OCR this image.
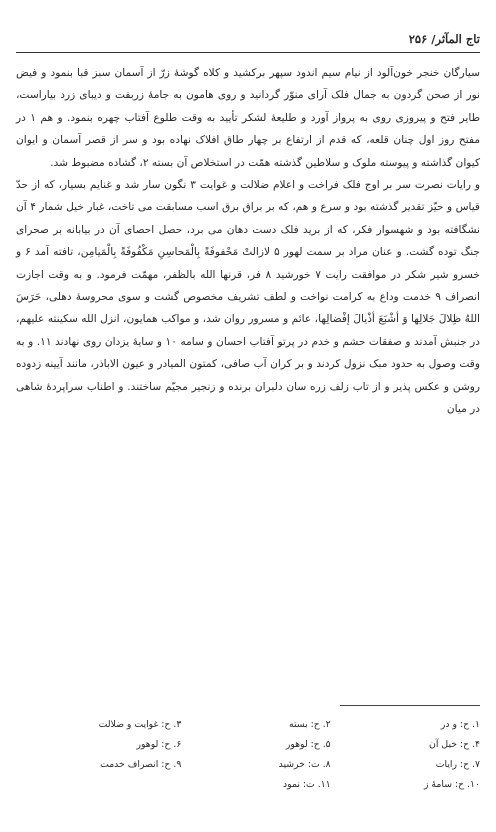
تاج المآثر/ ۲۵۶

سیارگان خنجر خون‌آلود از نیام سیم اندود سپهر برکشید و کلاه گوشهٔ زرّ از آسمان سبز قبا بنمود و فیض نور از صحن گردون به جمال فلک آرای منوّر گردانید و روی هامون به جامهٔ زربفت و دیبای زرد بیاراست، طایر فتح و پیروزی روی به پرواز آورد و طلیعهٔ لشکر تأیید به وقت طلوع آفتاب چهره بنمود. و هم ۱ در مفتح روز اول چنان قلعه، که قدم از ارتفاع بر چهار طاق افلاک نهاده بود و سر از قصر آسمان و ایوان کیوان گذاشته و پیوسته ملوک و سلاطین گذشته همّت در استخلاص آن بسته ۲، گشاده مضبوط شد.

و رایات نصرت سر بر اوج فلک فراخت و اعلام ضلالت و غوایت ۳ نگون سار شد و غنایم بسیار، که از حدّ قیاس و حیّز تقدیر گذشته بود و سرع و هم، که بر براق برق اسب مسابقت می تاخت، غبار خیل شمار ۴ آن نشگافته بود و شهسوار فکر، که از برید فلک دست دهان می برد، حصل احصای آن در بیابانه بر صحرای جنگ توده گشت. و عنان مراد بر سمت لهور ۵ لازالتْ مَحْفوفَةً بِالْمَحاسِنِ مَکْفُوفَةً بِالْمَیامِن، تافته آمد ۶ و خسرو شیر شکر در موافقت رایت ۷ خورشید ۸ فر، قرنها الله بالظفر، مهمّت فرمود. و به وقت اجازت انصراف ۹ خدمت وداع به کرامت نواخت و لطف تشریف مخصوص گشت و سوی محروسهٔ دهلی، حَرَسَ اللهُ ظِلالَ جَلالِها وَ أشْبَعَ أذْیالَ إفْضالِها، عائم و مسرور روان شد، و مواکب همایون، انزل الله سکینته علیهم، در جنبش آمدند و صفقات حشم و خدم در پرتو آفتاب احسان و سامه ۱۰ و سایهٔ یزدان روی نهادند ۱۱. و به وقت وصول به حدود مبک نزول کردند و بر کران آب صافی، کمتون المیادر و عیون الاباذر، مانند آیینه زدوده روشن و عکس پذیر و از تاب زلف زره سان دلبران برنده و زنجیر مجیّم ساختند. و اطناب سراپردهٔ شاهی در میان

۱. ح: و در
۲. ح: بسته
۳. ح: غوایت و ضلالت
۴. ح: خیل آن
۵. ح: لوهور
۶. ح: لوهور
۷. ح: رایات
۸. ت: خرشید
۹. ح: انصراف خدمت
۱۰. ح: سامهٔ ز
۱۱. ت: نمود
